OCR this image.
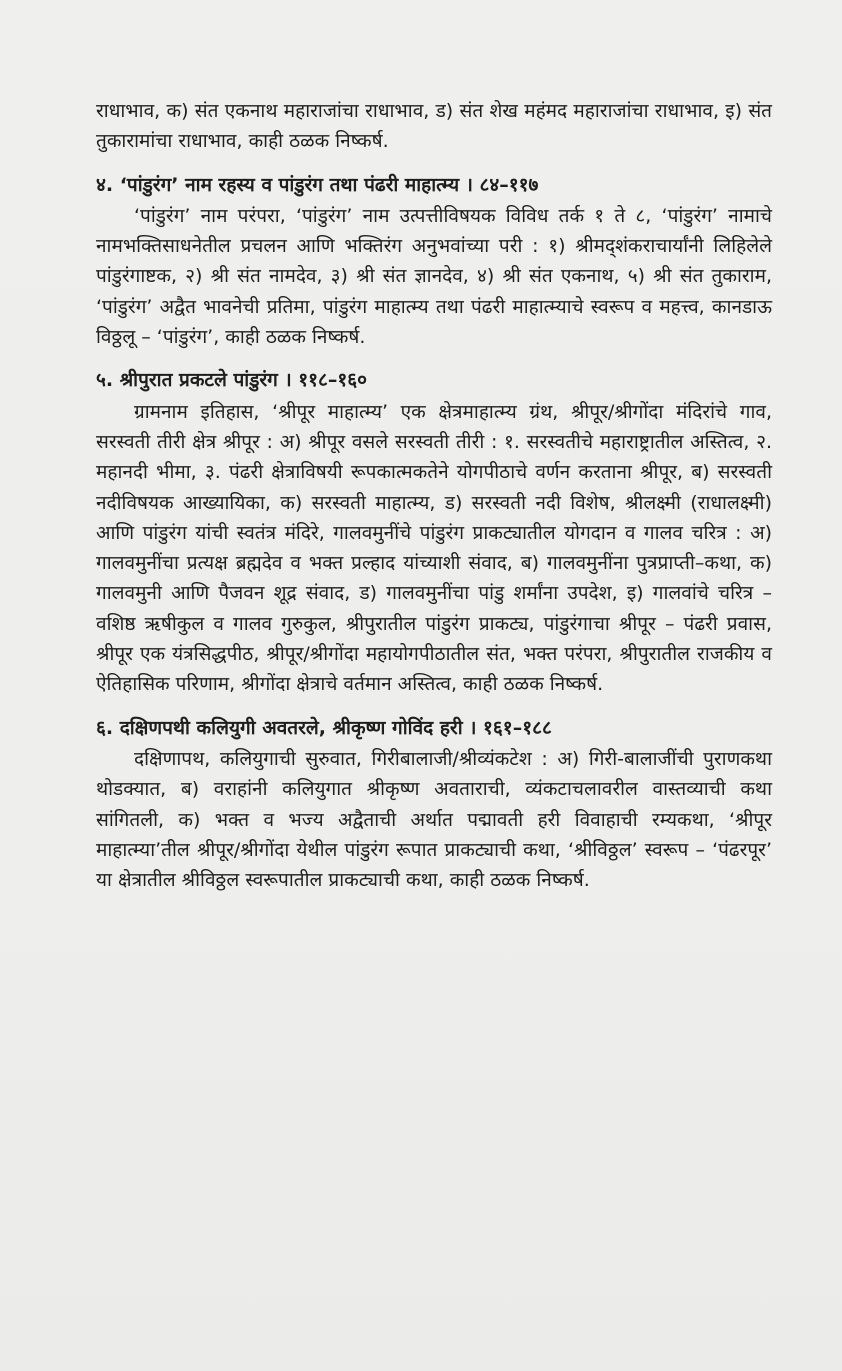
राधाभाव, क) संत एकनाथ महाराजांचा राधाभाव, ड) संत शेख महंमद महाराजांचा राधाभाव, इ) संत तुकारामांचा राधाभाव, काही ठळक निष्कर्ष.

४. ‘पांडुरंग’ नाम रहस्य व पांडुरंग तथा पंढरी माहात्म्य । ८४–११७

‘पांडुरंग’ नाम परंपरा, ‘पांडुरंग’ नाम उत्पत्तीविषयक विविध तर्क १ ते ८, ‘पांडुरंग’ नामाचे नामभक्तिसाधनेतील प्रचलन आणि भक्तिरंग अनुभवांच्या परी : १) श्रीमद्शंकराचार्यांनी लिहिलेले पांडुरंगाष्टक, २) श्री संत नामदेव, ३) श्री संत ज्ञानदेव, ४) श्री संत एकनाथ, ५) श्री संत तुकाराम, ‘पांडुरंग’ अद्वैत भावनेची प्रतिमा, पांडुरंग माहात्म्य तथा पंढरी माहात्म्याचे स्वरूप व महत्त्व, कानडाऊ विठ्ठलू – ‘पांडुरंग’, काही ठळक निष्कर्ष.

५. श्रीपुरात प्रकटले पांडुरंग । ११८–१६०

ग्रामनाम इतिहास, ‘श्रीपूर माहात्म्य’ एक क्षेत्रमाहात्म्य ग्रंथ, श्रीपूर/श्रीगोंदा मंदिरांचे गाव, सरस्वती तीरी क्षेत्र श्रीपूर : अ) श्रीपूर वसले सरस्वती तीरी : १. सरस्वतीचे महाराष्ट्रातील अस्तित्व, २. महानदी भीमा, ३. पंढरी क्षेत्राविषयी रूपकात्मकतेने योगपीठाचे वर्णन करताना श्रीपूर, ब) सरस्वती नदीविषयक आख्यायिका, क) सरस्वती माहात्म्य, ड) सरस्वती नदी विशेष, श्रीलक्ष्मी (राधालक्ष्मी) आणि पांडुरंग यांची स्वतंत्र मंदिरे, गालवमुनींचे पांडुरंग प्राकट्यातील योगदान व गालव चरित्र : अ) गालवमुनींचा प्रत्यक्ष ब्रह्मदेव व भक्त प्रल्हाद यांच्याशी संवाद, ब) गालवमुनींना पुत्रप्राप्ती–कथा, क) गालवमुनी आणि पैजवन शूद्र संवाद, ड) गालवमुनींचा पांडु शर्मांना उपदेश, इ) गालवांचे चरित्र – वशिष्ठ ऋषीकुल व गालव गुरुकुल, श्रीपुरातील पांडुरंग प्राकट्य, पांडुरंगाचा श्रीपूर – पंढरी प्रवास, श्रीपूर एक यंत्रसिद्धपीठ, श्रीपूर/श्रीगोंदा महायोगपीठातील संत, भक्त परंपरा, श्रीपुरातील राजकीय व ऐतिहासिक परिणाम, श्रीगोंदा क्षेत्राचे वर्तमान अस्तित्व, काही ठळक निष्कर्ष.

६. दक्षिणपथी कलियुगी अवतरले, श्रीकृष्ण गोविंद हरी । १६१–१८८

दक्षिणापथ, कलियुगाची सुरुवात, गिरीबालाजी/श्रीव्यंकटेश : अ) गिरी-बालाजींची पुराणकथा थोडक्यात, ब) वराहांनी कलियुगात श्रीकृष्ण अवताराची, व्यंकटाचलावरील वास्तव्याची कथा सांगितली, क) भक्त व भज्य अद्वैताची अर्थात पद्मावती हरी विवाहाची रम्यकथा, ‘श्रीपूर माहात्म्या’तील श्रीपूर/श्रीगोंदा येथील पांडुरंग रूपात प्राकट्याची कथा, ‘श्रीविठ्ठल’ स्वरूप – ‘पंढरपूर’ या क्षेत्रातील श्रीविठ्ठल स्वरूपातील प्राकट्याची कथा, काही ठळक निष्कर्ष.
